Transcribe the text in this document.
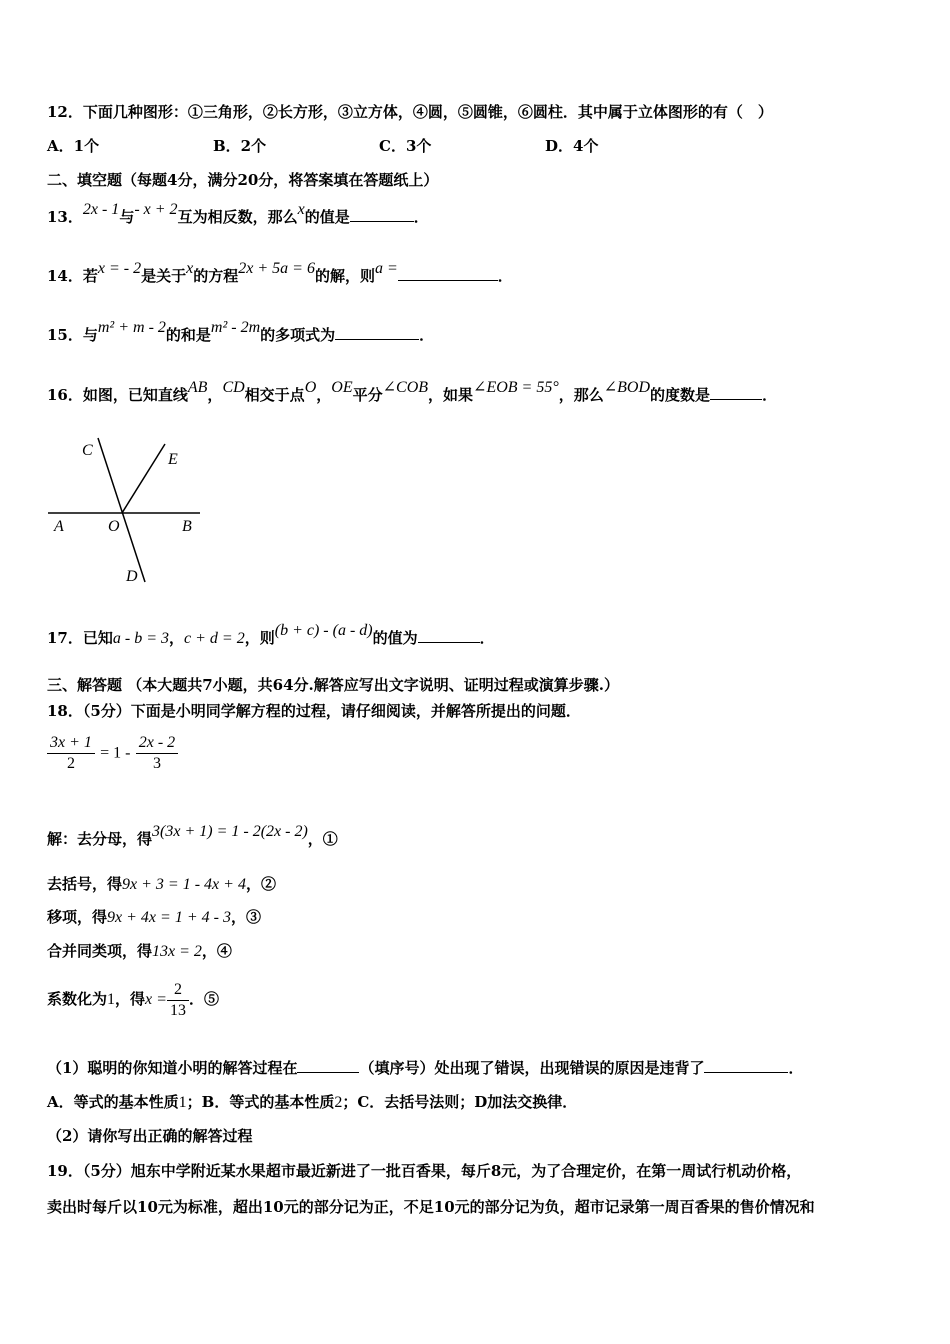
12．下面几种图形：①三角形，②长方形，③立方体，④圆，⑤圆锥，⑥圆柱．其中属于立体图形的有（　）
A．1个	B．2个	C．3个	D．4个
二、填空题（每题4分，满分20分，将答案填在答题纸上）
13．2x - 1与- x + 2互为相反数，那么x的值是	．
14．若x = - 2是关于x的方程2x + 5a = 6的解，则a =	．
15．与m² + m - 2的和是m² - 2m的多项式为	．
16．如图，已知直线AB，CD相交于点O，OE平分∠COB，如果∠EOB = 55°，那么∠BOD的度数是	．
C
E
A	O	B
D
17．已知a - b = 3，c + d = 2，则(b + c) - (a - d)的值为	．
三、解答题 （本大题共7小题，共64分.解答应写出文字说明、证明过程或演算步骤.）
18．（5分）下面是小明同学解方程的过程，请仔细阅读，并解答所提出的问题．
$\frac{3x + 1}{2} = 1 - \frac{2x - 2}{3}$
解：去分母，得3(3x + 1) = 1 - 2(2x - 2)，①
去括号，得9x + 3 = 1 - 4x + 4，②
移项，得9x + 4x = 1 + 4 - 3，③
合并同类项，得13x = 2，④
系数化为1，得$x = \frac{2}{13}$ ．⑤
（1）聪明的你知道小明的解答过程在	（填序号）处出现了错误，出现错误的原因是违背了	．
A．等式的基本性质1；B．等式的基本性质2；C．去括号法则；D加法交换律．
（2）请你写出正确的解答过程
19．（5分）旭东中学附近某水果超市最近新进了一批百香果，每斤8元，为了合理定价，在第一周试行机动价格，
卖出时每斤以10元为标准，超出10元的部分记为正，不足10元的部分记为负，超市记录第一周百香果的售价情况和
